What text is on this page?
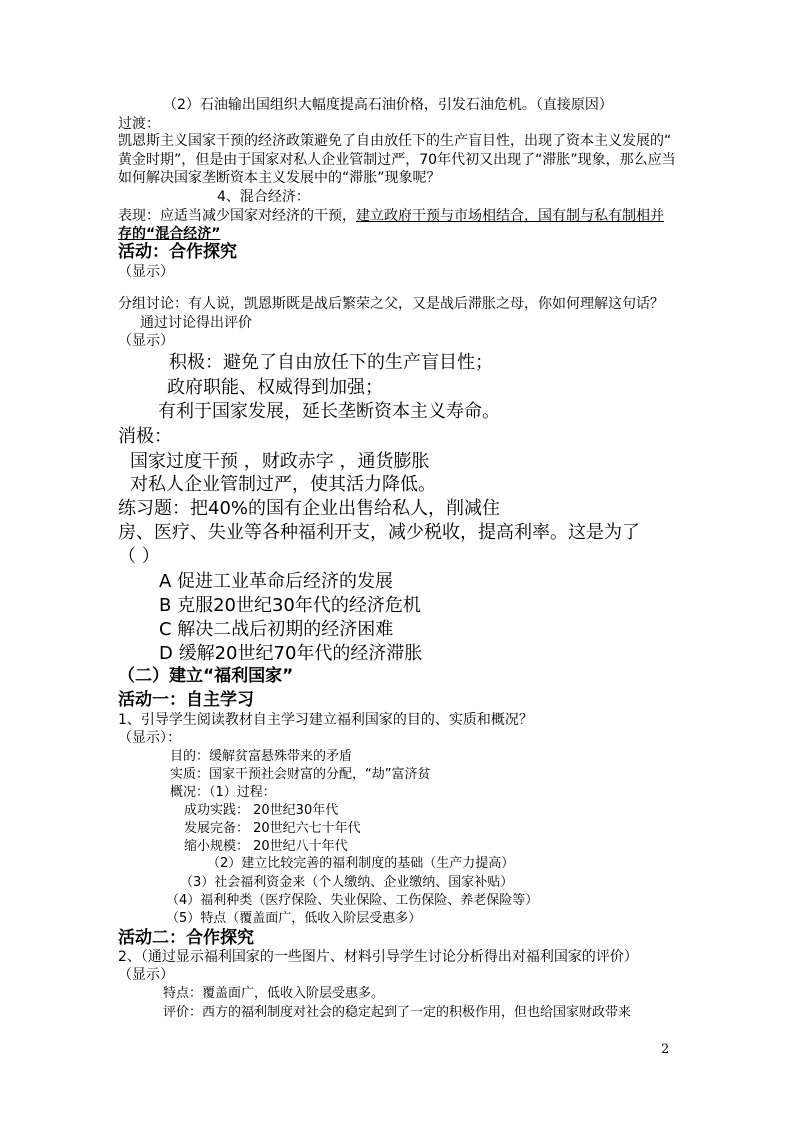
（2）石油输出国组织大幅度提高石油价格，引发石油危机。（直接原因）
过渡：
凯恩斯主义国家干预的经济政策避免了自由放任下的生产盲目性，出现了资本主义发展的“
黄金时期”，但是由于国家对私人企业管制过严，70年代初又出现了“滞胀”现象，那么应当
如何解决国家垄断资本主义发展中的“滞胀”现象呢？
4、混合经济：
表现：应适当减少国家对经济的干预，建立政府干预与市场相结合，国有制与私有制相并
存的“混合经济”
活动：合作探究
（显示）
分组讨论：有人说，凯恩斯既是战后繁荣之父，又是战后滞胀之母，你如何理解这句话？
通过讨论得出评价
（显示）
积极：避免了自由放任下的生产盲目性；
政府职能、权威得到加强；
有利于国家发展，延长垄断资本主义寿命。
消极：
国家过度干预 ，财政赤字 ，通货膨胀
对私人企业管制过严，使其活力降低。
练习题：把40%的国有企业出售给私人，削减住
房、医疗、失业等各种福利开支，减少税收，提高利率。这是为了
（ ）
A 促进工业革命后经济的发展
B 克服20世纪30年代的经济危机
C 解决二战后初期的经济困难
D 缓解20世纪70年代的经济滞胀
（二）建立“福利国家”
活动一：自主学习
1、引导学生阅读教材自主学习建立福利国家的目的、实质和概况？
（显示）：
目的：缓解贫富悬殊带来的矛盾
实质：国家干预社会财富的分配，“劫”富济贫
概况：（1）过程：
成功实践： 20世纪30年代
发展完备： 20世纪六七十年代
缩小规模： 20世纪八十年代
（2）建立比较完善的福利制度的基础（生产力提高）
（3）社会福利资金来（个人缴纳、企业缴纳、国家补贴）
（4）福利种类（医疗保险、失业保险、工伤保险、养老保险等）
（5）特点（覆盖面广，低收入阶层受惠多）
活动二：合作探究
2、（通过显示福利国家的一些图片、材料引导学生讨论分析得出对福利国家的评价）
（显示）
特点：覆盖面广，低收入阶层受惠多。
评价：西方的福利制度对社会的稳定起到了一定的积极作用，但也给国家财政带来
2
